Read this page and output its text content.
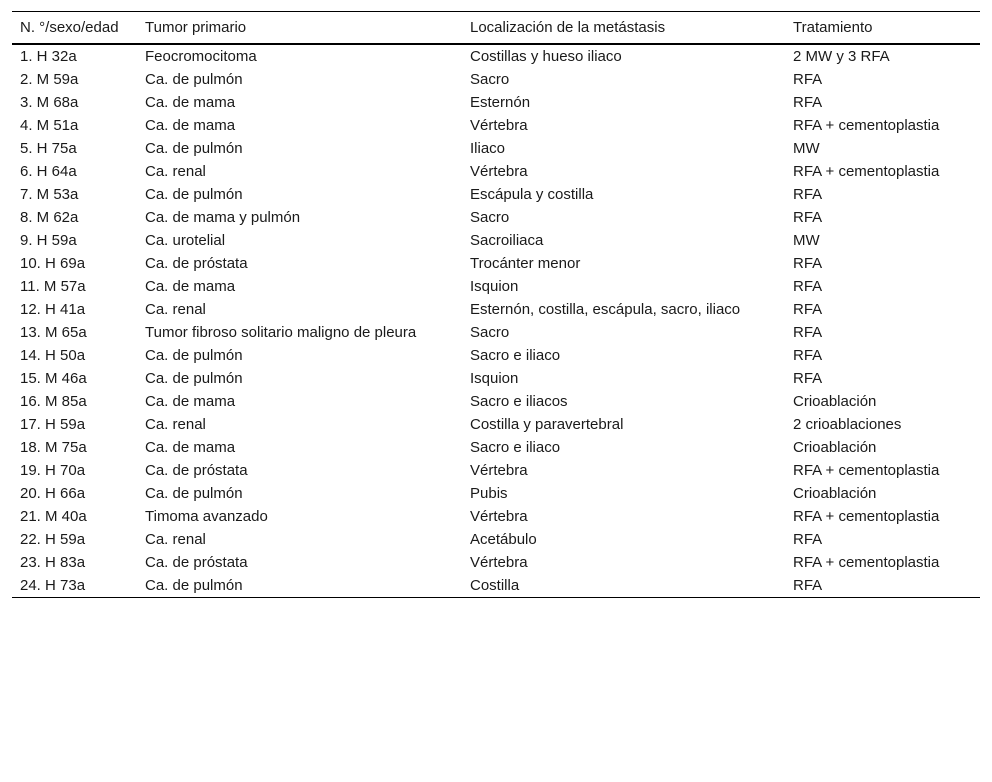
N. °/sexo/edad	Tumor primario	Localización de la metástasis	Tratamiento
1. H 32a	Feocromocitoma	Costillas y hueso iliaco	2 MW y 3 RFA
2. M 59a	Ca. de pulmón	Sacro	RFA
3. M 68a	Ca. de mama	Esternón	RFA
4. M 51a	Ca. de mama	Vértebra	RFA + cementoplastia
5. H 75a	Ca. de pulmón	Iliaco	MW
6. H 64a	Ca. renal	Vértebra	RFA + cementoplastia
7. M 53a	Ca. de pulmón	Escápula y costilla	RFA
8. M 62a	Ca. de mama y pulmón	Sacro	RFA
9. H 59a	Ca. urotelial	Sacroiliaca	MW
10. H 69a	Ca. de próstata	Trocánter menor	RFA
11. M 57a	Ca. de mama	Isquion	RFA
12. H 41a	Ca. renal	Esternón, costilla, escápula, sacro, iliaco	RFA
13. M 65a	Tumor fibroso solitario maligno de pleura	Sacro	RFA
14. H 50a	Ca. de pulmón	Sacro e iliaco	RFA
15. M 46a	Ca. de pulmón	Isquion	RFA
16. M 85a	Ca. de mama	Sacro e iliacos	Crioablación
17. H 59a	Ca. renal	Costilla y paravertebral	2 crioablaciones
18. M 75a	Ca. de mama	Sacro e iliaco	Crioablación
19. H 70a	Ca. de próstata	Vértebra	RFA + cementoplastia
20. H 66a	Ca. de pulmón	Pubis	Crioablación
21. M 40a	Timoma avanzado	Vértebra	RFA + cementoplastia
22. H 59a	Ca. renal	Acetábulo	RFA
23. H 83a	Ca. de próstata	Vértebra	RFA + cementoplastia
24. H 73a	Ca. de pulmón	Costilla	RFA
